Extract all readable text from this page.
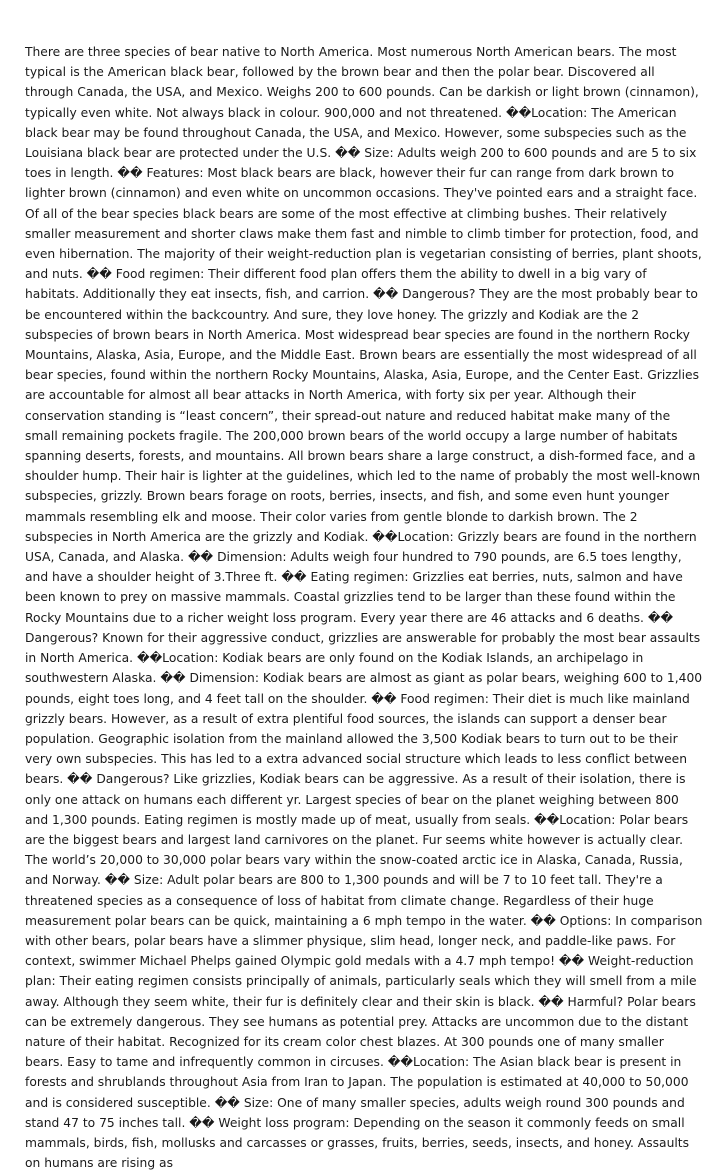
There are three species of bear native to North America. Most numerous North American bears. The most typical is the American black bear, followed by the brown bear and then the polar bear. Discovered all through Canada, the USA, and Mexico. Weighs 200 to 600 pounds. Can be darkish or light brown (cinnamon), typically even white. Not always black in colour. 900,000 and not threatened. ��Location: The American black bear may be found throughout Canada, the USA, and Mexico. However, some subspecies such as the Louisiana black bear are protected under the U.S. �� Size: Adults weigh 200 to 600 pounds and are 5 to six toes in length. �� Features: Most black bears are black, however their fur can range from dark brown to lighter brown (cinnamon) and even white on uncommon occasions. They've pointed ears and a straight face. Of all of the bear species black bears are some of the most effective at climbing bushes. Their relatively smaller measurement and shorter claws make them fast and nimble to climb timber for protection, food, and even hibernation. The majority of their weight-reduction plan is vegetarian consisting of berries, plant shoots, and nuts. �� Food regimen: Their different food plan offers them the ability to dwell in a big vary of habitats. Additionally they eat insects, fish, and carrion. �� Dangerous? They are the most probably bear to be encountered within the backcountry. And sure, they love honey. The grizzly and Kodiak are the 2 subspecies of brown bears in North America. Most widespread bear species are found in the northern Rocky Mountains, Alaska, Asia, Europe, and the Middle East. Brown bears are essentially the most widespread of all bear species, found within the northern Rocky Mountains, Alaska, Asia, Europe, and the Center East. Grizzlies are accountable for almost all bear attacks in North America, with forty six per year. Although their conservation standing is “least concern”, their spread-out nature and reduced habitat make many of the small remaining pockets fragile. The 200,000 brown bears of the world occupy a large number of habitats spanning deserts, forests, and mountains. All brown bears share a large construct, a dish-formed face, and a shoulder hump. Their hair is lighter at the guidelines, which led to the name of probably the most well-known subspecies, grizzly. Brown bears forage on roots, berries, insects, and fish, and some even hunt younger mammals resembling elk and moose. Their color varies from gentle blonde to darkish brown. The 2 subspecies in North America are the grizzly and Kodiak. ��Location: Grizzly bears are found in the northern USA, Canada, and Alaska. �� Dimension: Adults weigh four hundred to 790 pounds, are 6.5 toes lengthy, and have a shoulder height of 3.Three ft. �� Eating regimen: Grizzlies eat berries, nuts, salmon and have been known to prey on massive mammals. Coastal grizzlies tend to be larger than these found within the Rocky Mountains due to a richer weight loss program. Every year there are 46 attacks and 6 deaths. �� Dangerous? Known for their aggressive conduct, grizzlies are answerable for probably the most bear assaults in North America. ��Location: Kodiak bears are only found on the Kodiak Islands, an archipelago in southwestern Alaska. �� Dimension: Kodiak bears are almost as giant as polar bears, weighing 600 to 1,400 pounds, eight toes long, and 4 feet tall on the shoulder. �� Food regimen: Their diet is much like mainland grizzly bears. However, as a result of extra plentiful food sources, the islands can support a denser bear population. Geographic isolation from the mainland allowed the 3,500 Kodiak bears to turn out to be their very own subspecies. This has led to a extra advanced social structure which leads to less conflict between bears. �� Dangerous? Like grizzlies, Kodiak bears can be aggressive. As a result of their isolation, there is only one attack on humans each different yr. Largest species of bear on the planet weighing between 800 and 1,300 pounds. Eating regimen is mostly made up of meat, usually from seals. ��Location: Polar bears are the biggest bears and largest land carnivores on the planet. Fur seems white however is actually clear. The world’s 20,000 to 30,000 polar bears vary within the snow-coated arctic ice in Alaska, Canada, Russia, and Norway. �� Size: Adult polar bears are 800 to 1,300 pounds and will be 7 to 10 feet tall. They're a threatened species as a consequence of loss of habitat from climate change. Regardless of their huge measurement polar bears can be quick, maintaining a 6 mph tempo in the water. �� Options: In comparison with other bears, polar bears have a slimmer physique, slim head, longer neck, and paddle-like paws. For context, swimmer Michael Phelps gained Olympic gold medals with a 4.7 mph tempo! �� Weight-reduction plan: Their eating regimen consists principally of animals, particularly seals which they will smell from a mile away. Although they seem white, their fur is definitely clear and their skin is black. �� Harmful? Polar bears can be extremely dangerous. They see humans as potential prey. Attacks are uncommon due to the distant nature of their habitat. Recognized for its cream color chest blazes. At 300 pounds one of many smaller bears. Easy to tame and infrequently common in circuses. ��Location: The Asian black bear is present in forests and shrublands throughout Asia from Iran to Japan. The population is estimated at 40,000 to 50,000 and is considered susceptible. �� Size: One of many smaller species, adults weigh round 300 pounds and stand 47 to 75 inches tall. �� Weight loss program: Depending on the season it commonly feeds on small mammals, birds, fish, mollusks and carcasses or grasses, fruits, berries, seeds, insects, and honey. Assaults on humans are rising as
